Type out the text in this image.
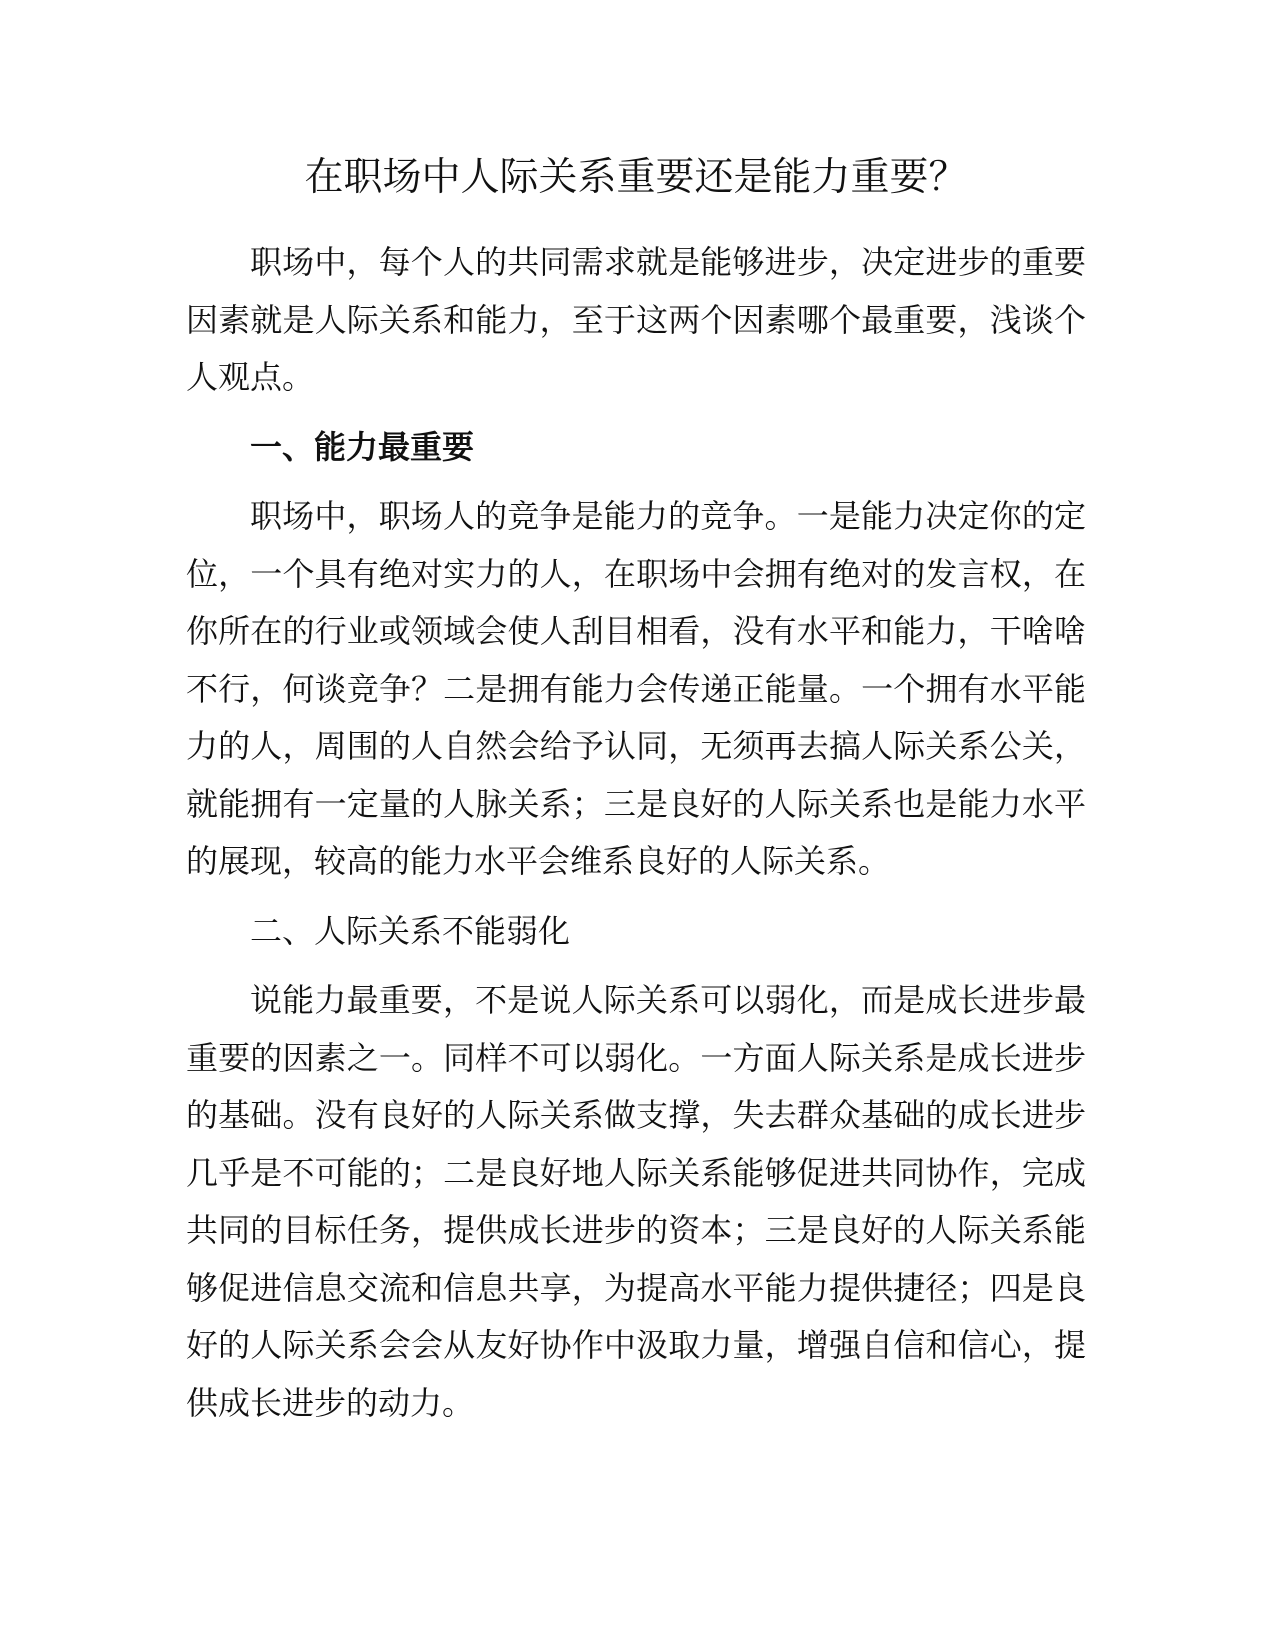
在职场中人际关系重要还是能力重要？

职场中，每个人的共同需求就是能够进步，决定进步的重要因素就是人际关系和能力，至于这两个因素哪个最重要，浅谈个人观点。

一、能力最重要

职场中，职场人的竞争是能力的竞争。一是能力决定你的定位，一个具有绝对实力的人，在职场中会拥有绝对的发言权，在你所在的行业或领域会使人刮目相看，没有水平和能力，干啥啥不行，何谈竞争？二是拥有能力会传递正能量。一个拥有水平能力的人，周围的人自然会给予认同，无须再去搞人际关系公关，就能拥有一定量的人脉关系；三是良好的人际关系也是能力水平的展现，较高的能力水平会维系良好的人际关系。

二、人际关系不能弱化

说能力最重要，不是说人际关系可以弱化，而是成长进步最重要的因素之一。同样不可以弱化。一方面人际关系是成长进步的基础。没有良好的人际关系做支撑，失去群众基础的成长进步几乎是不可能的；二是良好地人际关系能够促进共同协作，完成共同的目标任务，提供成长进步的资本；三是良好的人际关系能够促进信息交流和信息共享，为提高水平能力提供捷径；四是良好的人际关系会会从友好协作中汲取力量，增强自信和信心，提供成长进步的动力。
